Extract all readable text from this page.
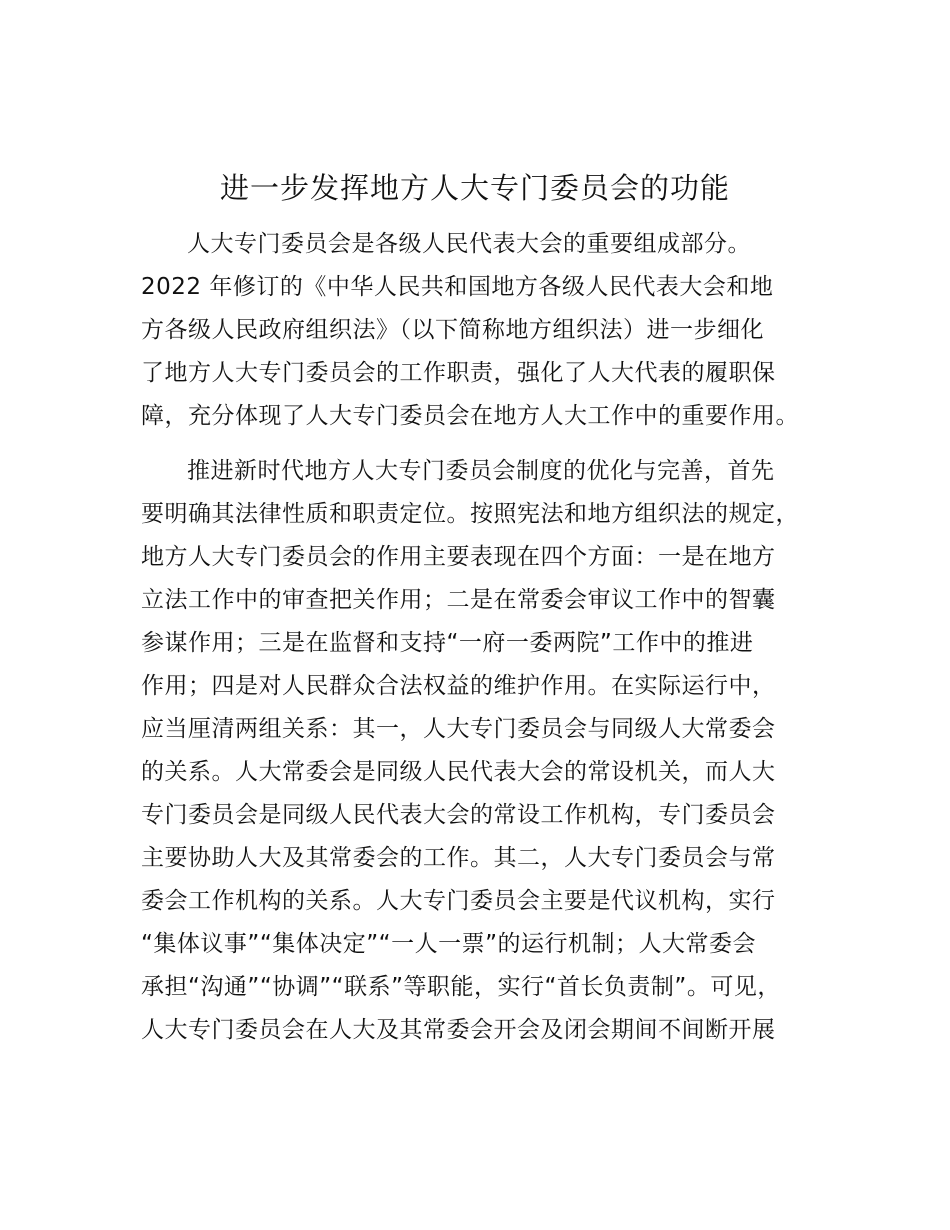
进一步发挥地方人大专门委员会的功能
人大专门委员会是各级人民代表大会的重要组成部分。
2022 年修订的《中华人民共和国地方各级人民代表大会和地
方各级人民政府组织法》（以下简称地方组织法）进一步细化
了地方人大专门委员会的工作职责，强化了人大代表的履职保
障，充分体现了人大专门委员会在地方人大工作中的重要作用。
推进新时代地方人大专门委员会制度的优化与完善，首先
要明确其法律性质和职责定位。按照宪法和地方组织法的规定，
地方人大专门委员会的作用主要表现在四个方面：一是在地方
立法工作中的审查把关作用；二是在常委会审议工作中的智囊
参谋作用；三是在监督和支持“一府一委两院”工作中的推进
作用；四是对人民群众合法权益的维护作用。在实际运行中，
应当厘清两组关系：其一，人大专门委员会与同级人大常委会
的关系。人大常委会是同级人民代表大会的常设机关，而人大
专门委员会是同级人民代表大会的常设工作机构，专门委员会
主要协助人大及其常委会的工作。其二，人大专门委员会与常
委会工作机构的关系。人大专门委员会主要是代议机构，实行
“集体议事”“集体决定”“一人一票”的运行机制；人大常委会
承担“沟通”“协调”“联系”等职能，实行“首长负责制”。可见，
人大专门委员会在人大及其常委会开会及闭会期间不间断开展
